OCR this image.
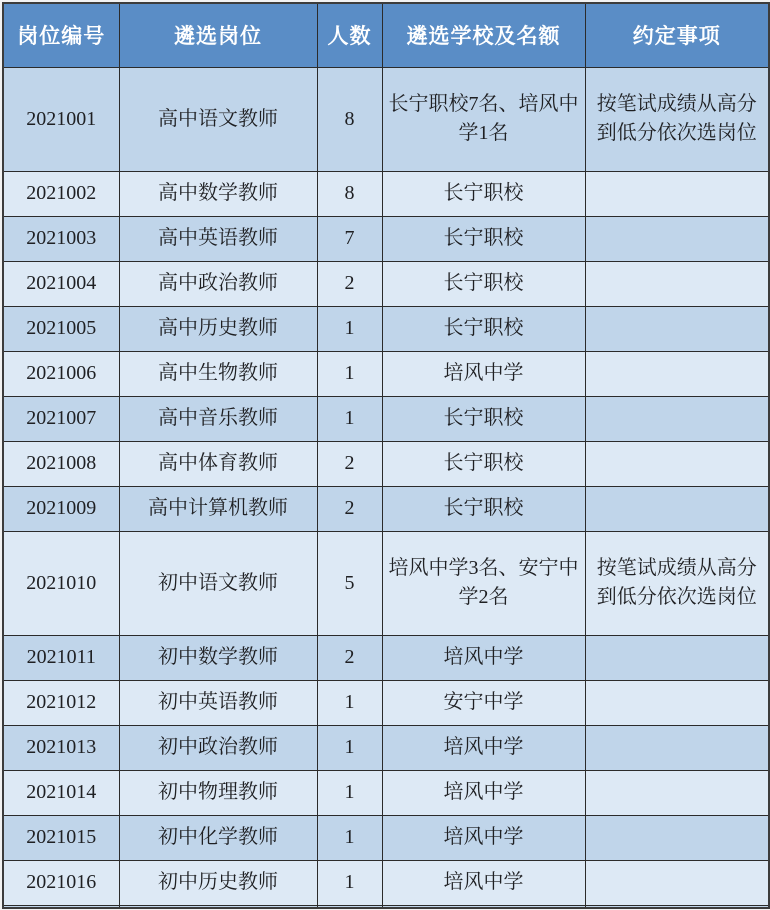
岗位编号	遴选岗位	人数	遴选学校及名额	约定事项
2021001	高中语文教师	8	长宁职校7名、培风中学1名	按笔试成绩从高分到低分依次选岗位
2021002	高中数学教师	8	长宁职校	
2021003	高中英语教师	7	长宁职校	
2021004	高中政治教师	2	长宁职校	
2021005	高中历史教师	1	长宁职校	
2021006	高中生物教师	1	培风中学	
2021007	高中音乐教师	1	长宁职校	
2021008	高中体育教师	2	长宁职校	
2021009	高中计算机教师	2	长宁职校	
2021010	初中语文教师	5	培风中学3名、安宁中学2名	按笔试成绩从高分到低分依次选岗位
2021011	初中数学教师	2	培风中学	
2021012	初中英语教师	1	安宁中学	
2021013	初中政治教师	1	培风中学	
2021014	初中物理教师	1	培风中学	
2021015	初中化学教师	1	培风中学	
2021016	初中历史教师	1	培风中学	
